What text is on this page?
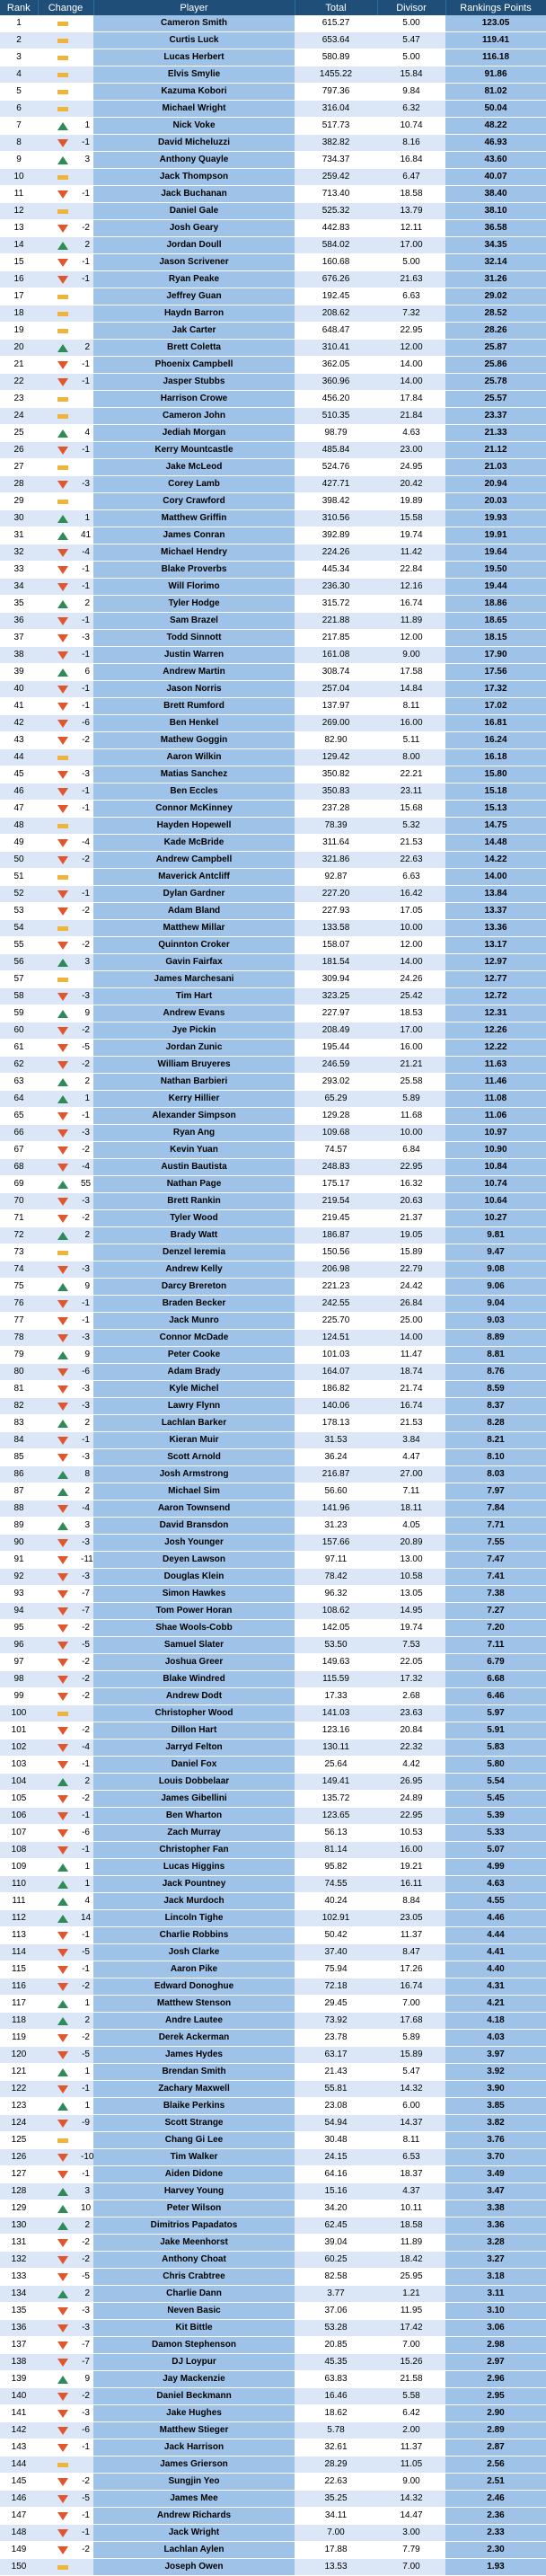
Rank	Change	Player	Total	Divisor	Rankings Points
1		Cameron Smith	615.27	5.00	123.05
2		Curtis Luck	653.64	5.47	119.41
3		Lucas Herbert	580.89	5.00	116.18
4		Elvis Smylie	1455.22	15.84	91.86
5		Kazuma Kobori	797.36	9.84	81.02
6		Michael Wright	316.04	6.32	50.04
7	1	Nick Voke	517.73	10.74	48.22
8	-1	David Micheluzzi	382.82	8.16	46.93
9	3	Anthony Quayle	734.37	16.84	43.60
10		Jack Thompson	259.42	6.47	40.07
11	-1	Jack Buchanan	713.40	18.58	38.40
12		Daniel Gale	525.32	13.79	38.10
13	-2	Josh Geary	442.83	12.11	36.58
14	2	Jordan Doull	584.02	17.00	34.35
15	-1	Jason Scrivener	160.68	5.00	32.14
16	-1	Ryan Peake	676.26	21.63	31.26
17		Jeffrey Guan	192.45	6.63	29.02
18		Haydn Barron	208.62	7.32	28.52
19		Jak Carter	648.47	22.95	28.26
20	2	Brett Coletta	310.41	12.00	25.87
21	-1	Phoenix Campbell	362.05	14.00	25.86
22	-1	Jasper Stubbs	360.96	14.00	25.78
23		Harrison Crowe	456.20	17.84	25.57
24		Cameron John	510.35	21.84	23.37
25	4	Jediah Morgan	98.79	4.63	21.33
26	-1	Kerry Mountcastle	485.84	23.00	21.12
27		Jake McLeod	524.76	24.95	21.03
28	-3	Corey Lamb	427.71	20.42	20.94
29		Cory Crawford	398.42	19.89	20.03
30	1	Matthew Griffin	310.56	15.58	19.93
31	41	James Conran	392.89	19.74	19.91
32	-4	Michael Hendry	224.26	11.42	19.64
33	-1	Blake Proverbs	445.34	22.84	19.50
34	-1	Will Florimo	236.30	12.16	19.44
35	2	Tyler Hodge	315.72	16.74	18.86
36	-1	Sam Brazel	221.88	11.89	18.65
37	-3	Todd Sinnott	217.85	12.00	18.15
38	-1	Justin Warren	161.08	9.00	17.90
39	6	Andrew Martin	308.74	17.58	17.56
40	-1	Jason Norris	257.04	14.84	17.32
41	-1	Brett Rumford	137.97	8.11	17.02
42	-6	Ben Henkel	269.00	16.00	16.81
43	-2	Mathew Goggin	82.90	5.11	16.24
44		Aaron Wilkin	129.42	8.00	16.18
45	-3	Matias Sanchez	350.82	22.21	15.80
46	-1	Ben Eccles	350.83	23.11	15.18
47	-1	Connor McKinney	237.28	15.68	15.13
48		Hayden Hopewell	78.39	5.32	14.75
49	-4	Kade McBride	311.64	21.53	14.48
50	-2	Andrew Campbell	321.86	22.63	14.22
51		Maverick Antcliff	92.87	6.63	14.00
52	-1	Dylan Gardner	227.20	16.42	13.84
53	-2	Adam Bland	227.93	17.05	13.37
54		Matthew Millar	133.58	10.00	13.36
55	-2	Quinnton Croker	158.07	12.00	13.17
56	3	Gavin Fairfax	181.54	14.00	12.97
57		James Marchesani	309.94	24.26	12.77
58	-3	Tim Hart	323.25	25.42	12.72
59	9	Andrew Evans	227.97	18.53	12.31
60	-2	Jye Pickin	208.49	17.00	12.26
61	-5	Jordan Zunic	195.44	16.00	12.22
62	-2	William Bruyeres	246.59	21.21	11.63
63	2	Nathan Barbieri	293.02	25.58	11.46
64	1	Kerry Hillier	65.29	5.89	11.08
65	-1	Alexander Simpson	129.28	11.68	11.06
66	-3	Ryan Ang	109.68	10.00	10.97
67	-2	Kevin Yuan	74.57	6.84	10.90
68	-4	Austin Bautista	248.83	22.95	10.84
69	55	Nathan Page	175.17	16.32	10.74
70	-3	Brett Rankin	219.54	20.63	10.64
71	-2	Tyler Wood	219.45	21.37	10.27
72	2	Brady Watt	186.87	19.05	9.81
73		Denzel Ieremia	150.56	15.89	9.47
74	-3	Andrew Kelly	206.98	22.79	9.08
75	9	Darcy Brereton	221.23	24.42	9.06
76	-1	Braden Becker	242.55	26.84	9.04
77	-1	Jack Munro	225.70	25.00	9.03
78	-3	Connor McDade	124.51	14.00	8.89
79	9	Peter Cooke	101.03	11.47	8.81
80	-6	Adam Brady	164.07	18.74	8.76
81	-3	Kyle Michel	186.82	21.74	8.59
82	-3	Lawry Flynn	140.06	16.74	8.37
83	2	Lachlan Barker	178.13	21.53	8.28
84	-1	Kieran Muir	31.53	3.84	8.21
85	-3	Scott Arnold	36.24	4.47	8.10
86	8	Josh Armstrong	216.87	27.00	8.03
87	2	Michael Sim	56.60	7.11	7.97
88	-4	Aaron Townsend	141.96	18.11	7.84
89	3	David Bransdon	31.23	4.05	7.71
90	-3	Josh Younger	157.66	20.89	7.55
91	-11	Deyen Lawson	97.11	13.00	7.47
92	-3	Douglas Klein	78.42	10.58	7.41
93	-7	Simon Hawkes	96.32	13.05	7.38
94	-7	Tom Power Horan	108.62	14.95	7.27
95	-2	Shae Wools-Cobb	142.05	19.74	7.20
96	-5	Samuel Slater	53.50	7.53	7.11
97	-2	Joshua Greer	149.63	22.05	6.79
98	-2	Blake Windred	115.59	17.32	6.68
99	-2	Andrew Dodt	17.33	2.68	6.46
100		Christopher Wood	141.03	23.63	5.97
101	-2	Dillon Hart	123.16	20.84	5.91
102	-4	Jarryd Felton	130.11	22.32	5.83
103	-1	Daniel Fox	25.64	4.42	5.80
104	2	Louis Dobbelaar	149.41	26.95	5.54
105	-2	James Gibellini	135.72	24.89	5.45
106	-1	Ben Wharton	123.65	22.95	5.39
107	-6	Zach Murray	56.13	10.53	5.33
108	-1	Christopher Fan	81.14	16.00	5.07
109	1	Lucas Higgins	95.82	19.21	4.99
110	1	Jack Pountney	74.55	16.11	4.63
111	4	Jack Murdoch	40.24	8.84	4.55
112	14	Lincoln Tighe	102.91	23.05	4.46
113	-1	Charlie Robbins	50.42	11.37	4.44
114	-5	Josh Clarke	37.40	8.47	4.41
115	-1	Aaron Pike	75.94	17.26	4.40
116	-2	Edward Donoghue	72.18	16.74	4.31
117	1	Matthew Stenson	29.45	7.00	4.21
118	2	Andre Lautee	73.92	17.68	4.18
119	-2	Derek Ackerman	23.78	5.89	4.03
120	-5	James Hydes	63.17	15.89	3.97
121	1	Brendan Smith	21.43	5.47	3.92
122	-1	Zachary Maxwell	55.81	14.32	3.90
123	1	Blaike Perkins	23.08	6.00	3.85
124	-9	Scott Strange	54.94	14.37	3.82
125		Chang Gi Lee	30.48	8.11	3.76
126	-10	Tim Walker	24.15	6.53	3.70
127	-1	Aiden Didone	64.16	18.37	3.49
128	3	Harvey Young	15.16	4.37	3.47
129	10	Peter Wilson	34.20	10.11	3.38
130	2	Dimitrios Papadatos	62.45	18.58	3.36
131	-2	Jake Meenhorst	39.04	11.89	3.28
132	-2	Anthony Choat	60.25	18.42	3.27
133	-5	Chris Crabtree	82.58	25.95	3.18
134	2	Charlie Dann	3.77	1.21	3.11
135	-3	Neven Basic	37.06	11.95	3.10
136	-3	Kit Bittle	53.28	17.42	3.06
137	-7	Damon Stephenson	20.85	7.00	2.98
138	-7	DJ Loypur	45.35	15.26	2.97
139	9	Jay Mackenzie	63.83	21.58	2.96
140	-2	Daniel Beckmann	16.46	5.58	2.95
141	-3	Jake Hughes	18.62	6.42	2.90
142	-6	Matthew Stieger	5.78	2.00	2.89
143	-1	Jack Harrison	32.61	11.37	2.87
144		James Grierson	28.29	11.05	2.56
145	-2	Sungjin Yeo	22.63	9.00	2.51
146	-5	James Mee	35.25	14.32	2.46
147	-1	Andrew Richards	34.11	14.47	2.36
148	-1	Jack Wright	7.00	3.00	2.33
149	-2	Lachlan Aylen	17.88	7.79	2.30
150		Joseph Owen	13.53	7.00	1.93
